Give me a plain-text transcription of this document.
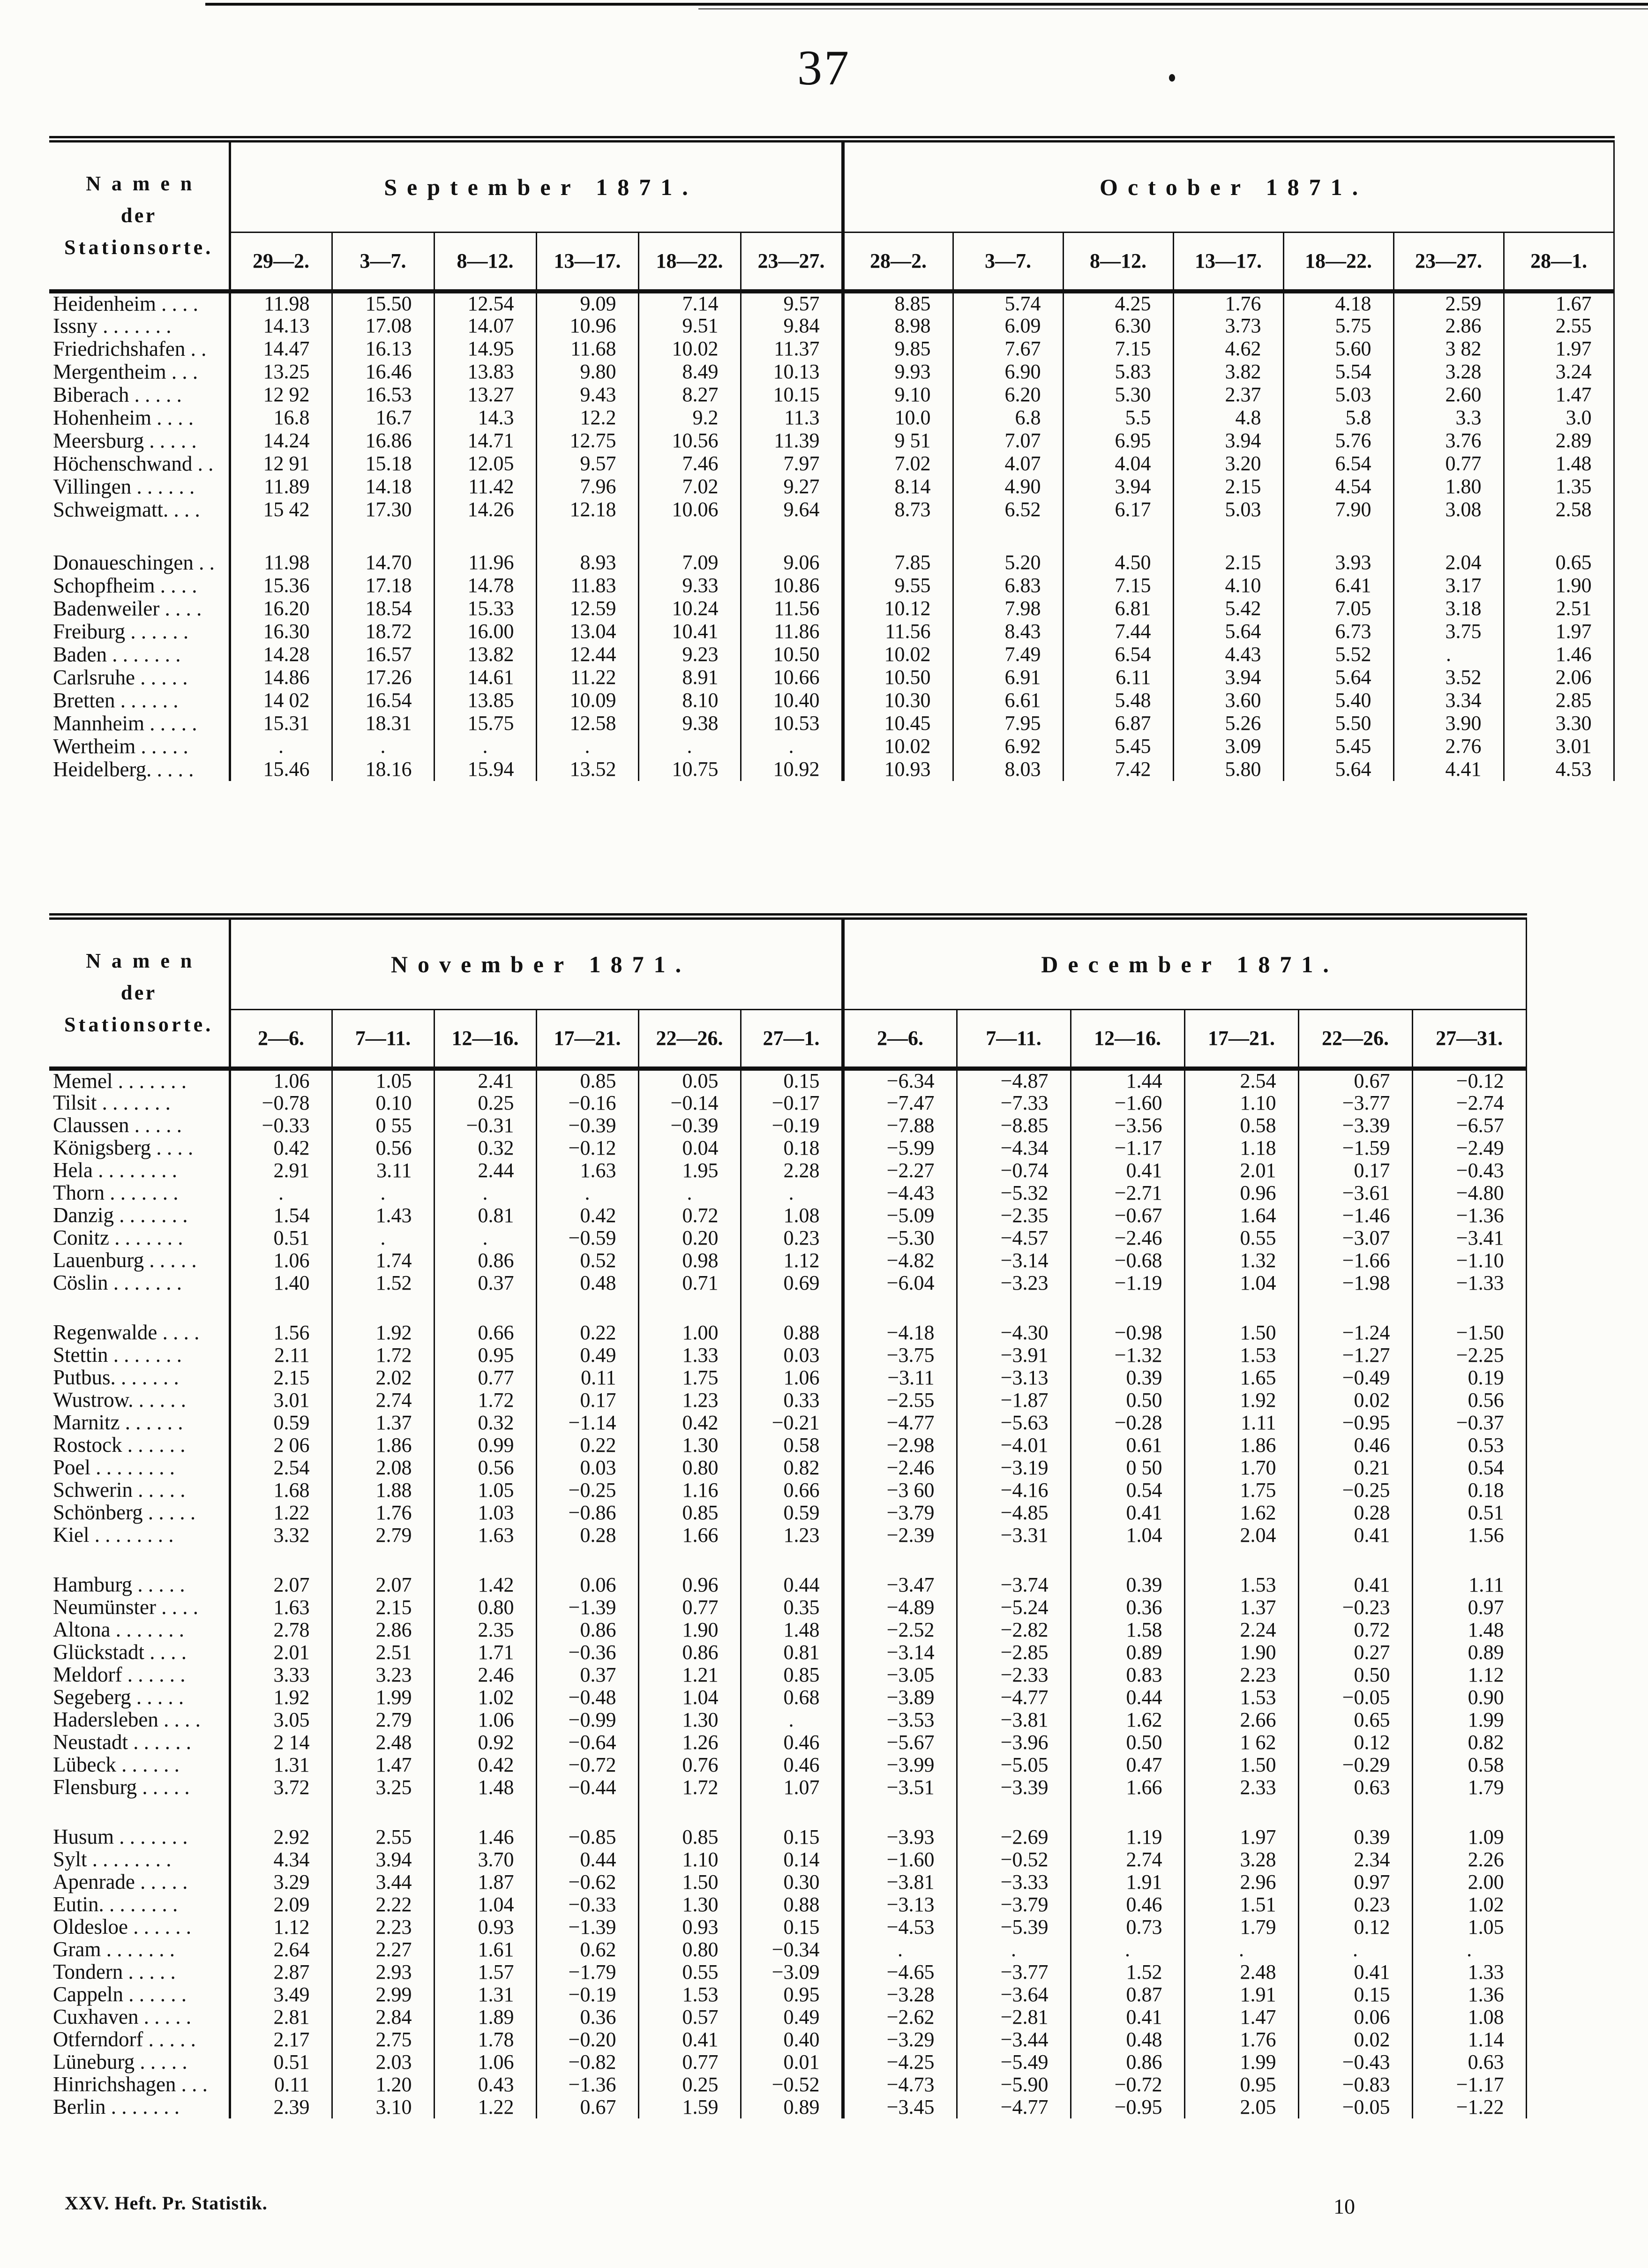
37
Namen
der
Stationsorte.	September 1871.						October 1871.						
	29—2.	3—7.	8—12.	13—17.	18—22.	23—27.	28—2.	3—7.	8—12.	13—17.	18—22.	23—27.	28—1.
Heidenheim . . . .	11.98	15.50	12.54	9.09	7.14	9.57	8.85	5.74	4.25	1.76	4.18	2.59	1.67
Issny . . . . . . .	14.13	17.08	14.07	10.96	9.51	9.84	8.98	6.09	6.30	3.73	5.75	2.86	2.55
Friedrichshafen . .	14.47	16.13	14.95	11.68	10.02	11.37	9.85	7.67	7.15	4.62	5.60	3 82	1.97
Mergentheim . . .	13.25	16.46	13.83	9.80	8.49	10.13	9.93	6.90	5.83	3.82	5.54	3.28	3.24
Biberach . . . . .	12 92	16.53	13.27	9.43	8.27	10.15	9.10	6.20	5.30	2.37	5.03	2.60	1.47
Hohenheim . . . .	16.8	16.7	14.3	12.2	9.2	11.3	10.0	6.8	5.5	4.8	5.8	3.3	3.0
Meersburg . . . . .	14.24	16.86	14.71	12.75	10.56	11.39	9 51	7.07	6.95	3.94	5.76	3.76	2.89
Höchenschwand . .	12 91	15.18	12.05	9.57	7.46	7.97	7.02	4.07	4.04	3.20	6.54	0.77	1.48
Villingen . . . . . .	11.89	14.18	11.42	7.96	7.02	9.27	8.14	4.90	3.94	2.15	4.54	1.80	1.35
Schweigmatt. . . .	15 42	17.30	14.26	12.18	10.06	9.64	8.73	6.52	6.17	5.03	7.90	3.08	2.58

Donaueschingen . .	11.98	14.70	11.96	8.93	7.09	9.06	7.85	5.20	4.50	2.15	3.93	2.04	0.65
Schopfheim . . . .	15.36	17.18	14.78	11.83	9.33	10.86	9.55	6.83	7.15	4.10	6.41	3.17	1.90
Badenweiler . . . .	16.20	18.54	15.33	12.59	10.24	11.56	10.12	7.98	6.81	5.42	7.05	3.18	2.51
Freiburg . . . . . .	16.30	18.72	16.00	13.04	10.41	11.86	11.56	8.43	7.44	5.64	6.73	3.75	1.97
Baden . . . . . . .	14.28	16.57	13.82	12.44	9.23	10.50	10.02	7.49	6.54	4.43	5.52	.	1.46
Carlsruhe . . . . .	14.86	17.26	14.61	11.22	8.91	10.66	10.50	6.91	6.11	3.94	5.64	3.52	2.06
Bretten . . . . . .	14 02	16.54	13.85	10.09	8.10	10.40	10.30	6.61	5.48	3.60	5.40	3.34	2.85
Mannheim . . . . .	15.31	18.31	15.75	12.58	9.38	10.53	10.45	7.95	6.87	5.26	5.50	3.90	3.30
Wertheim . . . . .	.	.	.	.	.	.	10.02	6.92	5.45	3.09	5.45	2.76	3.01
Heidelberg. . . . .	15.46	18.16	15.94	13.52	10.75	10.92	10.93	8.03	7.42	5.80	5.64	4.41	4.53
Namen
der
Stationsorte.	November 1871.						December 1871.					
	2—6.	7—11.	12—16.	17—21.	22—26.	27—1.	2—6.	7—11.	12—16.	17—21.	22—26.	27—31.
Memel . . . . . . .	1.06	1.05	2.41	0.85	0.05	0.15	−6.34	−4.87	1.44	2.54	0.67	−0.12
Tilsit . . . . . . .	−0.78	0.10	0.25	−0.16	−0.14	−0.17	−7.47	−7.33	−1.60	1.10	−3.77	−2.74
Claussen . . . . .	−0.33	0 55	−0.31	−0.39	−0.39	−0.19	−7.88	−8.85	−3.56	0.58	−3.39	−6.57
Königsberg . . . .	0.42	0.56	0.32	−0.12	0.04	0.18	−5.99	−4.34	−1.17	1.18	−1.59	−2.49
Hela . . . . . . . .	2.91	3.11	2.44	1.63	1.95	2.28	−2.27	−0.74	0.41	2.01	0.17	−0.43
Thorn . . . . . . .	.	.	.	.	.	.	−4.43	−5.32	−2.71	0.96	−3.61	−4.80
Danzig . . . . . . .	1.54	1.43	0.81	0.42	0.72	1.08	−5.09	−2.35	−0.67	1.64	−1.46	−1.36
Conitz . . . . . . .	0.51	.	.	−0.59	0.20	0.23	−5.30	−4.57	−2.46	0.55	−3.07	−3.41
Lauenburg . . . . .	1.06	1.74	0.86	0.52	0.98	1.12	−4.82	−3.14	−0.68	1.32	−1.66	−1.10
Cöslin . . . . . . .	1.40	1.52	0.37	0.48	0.71	0.69	−6.04	−3.23	−1.19	1.04	−1.98	−1.33

Regenwalde . . . .	1.56	1.92	0.66	0.22	1.00	0.88	−4.18	−4.30	−0.98	1.50	−1.24	−1.50
Stettin . . . . . . .	2.11	1.72	0.95	0.49	1.33	0.03	−3.75	−3.91	−1.32	1.53	−1.27	−2.25
Putbus. . . . . . .	2.15	2.02	0.77	0.11	1.75	1.06	−3.11	−3.13	0.39	1.65	−0.49	0.19
Wustrow. . . . . .	3.01	2.74	1.72	0.17	1.23	0.33	−2.55	−1.87	0.50	1.92	0.02	0.56
Marnitz . . . . . .	0.59	1.37	0.32	−1.14	0.42	−0.21	−4.77	−5.63	−0.28	1.11	−0.95	−0.37
Rostock . . . . . .	2 06	1.86	0.99	0.22	1.30	0.58	−2.98	−4.01	0.61	1.86	0.46	0.53
Poel . . . . . . . .	2.54	2.08	0.56	0.03	0.80	0.82	−2.46	−3.19	0 50	1.70	0.21	0.54
Schwerin . . . . .	1.68	1.88	1.05	−0.25	1.16	0.66	−3 60	−4.16	0.54	1.75	−0.25	0.18
Schönberg . . . . .	1.22	1.76	1.03	−0.86	0.85	0.59	−3.79	−4.85	0.41	1.62	0.28	0.51
Kiel . . . . . . . .	3.32	2.79	1.63	0.28	1.66	1.23	−2.39	−3.31	1.04	2.04	0.41	1.56

Hamburg . . . . .	2.07	2.07	1.42	0.06	0.96	0.44	−3.47	−3.74	0.39	1.53	0.41	1.11
Neumünster . . . .	1.63	2.15	0.80	−1.39	0.77	0.35	−4.89	−5.24	0.36	1.37	−0.23	0.97
Altona . . . . . . .	2.78	2.86	2.35	0.86	1.90	1.48	−2.52	−2.82	1.58	2.24	0.72	1.48
Glückstadt . . . .	2.01	2.51	1.71	−0.36	0.86	0.81	−3.14	−2.85	0.89	1.90	0.27	0.89
Meldorf . . . . . .	3.33	3.23	2.46	0.37	1.21	0.85	−3.05	−2.33	0.83	2.23	0.50	1.12
Segeberg . . . . .	1.92	1.99	1.02	−0.48	1.04	0.68	−3.89	−4.77	0.44	1.53	−0.05	0.90
Hadersleben . . . .	3.05	2.79	1.06	−0.99	1.30	.	−3.53	−3.81	1.62	2.66	0.65	1.99
Neustadt . . . . . .	2 14	2.48	0.92	−0.64	1.26	0.46	−5.67	−3.96	0.50	1 62	0.12	0.82
Lübeck . . . . . .	1.31	1.47	0.42	−0.72	0.76	0.46	−3.99	−5.05	0.47	1.50	−0.29	0.58
Flensburg . . . . .	3.72	3.25	1.48	−0.44	1.72	1.07	−3.51	−3.39	1.66	2.33	0.63	1.79

Husum . . . . . . .	2.92	2.55	1.46	−0.85	0.85	0.15	−3.93	−2.69	1.19	1.97	0.39	1.09
Sylt . . . . . . . .	4.34	3.94	3.70	0.44	1.10	0.14	−1.60	−0.52	2.74	3.28	2.34	2.26
Apenrade . . . . .	3.29	3.44	1.87	−0.62	1.50	0.30	−3.81	−3.33	1.91	2.96	0.97	2.00
Eutin. . . . . . . .	2.09	2.22	1.04	−0.33	1.30	0.88	−3.13	−3.79	0.46	1.51	0.23	1.02
Oldesloe . . . . . .	1.12	2.23	0.93	−1.39	0.93	0.15	−4.53	−5.39	0.73	1.79	0.12	1.05
Gram . . . . . . .	2.64	2.27	1.61	0.62	0.80	−0.34	.	.	.	.	.	.
Tondern . . . . .	2.87	2.93	1.57	−1.79	0.55	−3.09	−4.65	−3.77	1.52	2.48	0.41	1.33
Cappeln . . . . . .	3.49	2.99	1.31	−0.19	1.53	0.95	−3.28	−3.64	0.87	1.91	0.15	1.36
Cuxhaven . . . . .	2.81	2.84	1.89	0.36	0.57	0.49	−2.62	−2.81	0.41	1.47	0.06	1.08
Otferndorf . . . . .	2.17	2.75	1.78	−0.20	0.41	0.40	−3.29	−3.44	0.48	1.76	0.02	1.14
Lüneburg . . . . .	0.51	2.03	1.06	−0.82	0.77	0.01	−4.25	−5.49	0.86	1.99	−0.43	0.63
Hinrichshagen . . .	0.11	1.20	0.43	−1.36	0.25	−0.52	−4.73	−5.90	−0.72	0.95	−0.83	−1.17
Berlin . . . . . . .	2.39	3.10	1.22	0.67	1.59	0.89	−3.45	−4.77	−0.95	2.05	−0.05	−1.22
XXV. Heft. Pr. Statistik.	10
